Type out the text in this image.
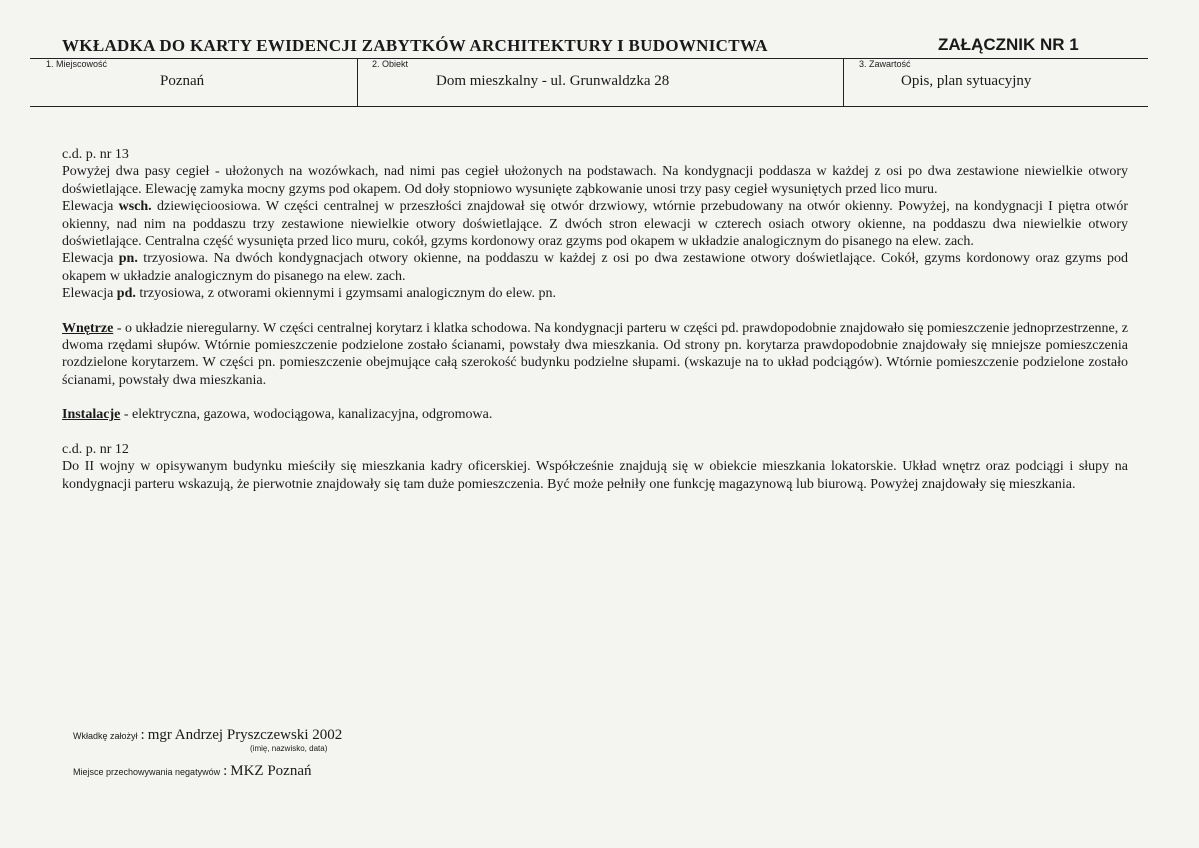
WKŁADKA DO KARTY EWIDENCJI ZABYTKÓW ARCHITEKTURY I BUDOWNICTWA	ZAŁĄCZNIK NR 1
1. Miejscowość
Poznań
2. Obiekt
Dom mieszkalny - ul. Grunwaldzka 28
3. Zawartość
Opis, plan sytuacyjny

c.d. p. nr 13

Powyżej dwa pasy cegieł - ułożonych na wozówkach, nad nimi pas cegieł ułożonych na podstawach. Na kondygnacji poddasza w każdej z osi po dwa zestawione niewielkie otwory doświetlające. Elewację zamyka mocny gzyms pod okapem. Od doły stopniowo wysunięte ząbkowanie unosi trzy pasy cegieł wysuniętych przed lico muru.

Elewacja wsch. dziewięcioosiowa. W części centralnej w przeszłości znajdował się otwór drzwiowy, wtórnie przebudowany na otwór okienny. Powyżej, na kondygnacji I piętra otwór okienny, nad nim na poddaszu trzy zestawione niewielkie otwory doświetlające. Z dwóch stron elewacji w czterech osiach otwory okienne, na poddaszu dwa niewielkie otwory doświetlające. Centralna część wysunięta przed lico muru, cokół, gzyms kordonowy oraz gzyms pod okapem w układzie analogicznym do pisanego na elew. zach.

Elewacja pn. trzyosiowa. Na dwóch kondygnacjach otwory okienne, na poddaszu w każdej z osi po dwa zestawione otwory doświetlające. Cokół, gzyms kordonowy oraz gzyms pod okapem w układzie analogicznym do pisanego na elew. zach.

Elewacja pd. trzyosiowa, z otworami okiennymi i gzymsami analogicznym do elew. pn.

Wnętrze - o układzie nieregularny. W części centralnej korytarz i klatka schodowa. Na kondygnacji parteru w części pd. prawdopodobnie znajdowało się pomieszczenie jednoprzestrzenne, z dwoma rzędami słupów. Wtórnie pomieszczenie podzielone zostało ścianami, powstały dwa mieszkania. Od strony pn. korytarza prawdopodobnie znajdowały się mniejsze pomieszczenia rozdzielone korytarzem. W części pn. pomieszczenie obejmujące całą szerokość budynku podzielne słupami. (wskazuje na to układ podciągów). Wtórnie pomieszczenie podzielone zostało ścianami, powstały dwa mieszkania.

Instalacje - elektryczna, gazowa, wodociągowa, kanalizacyjna, odgromowa.

c.d. p. nr 12

Do II wojny w opisywanym budynku mieściły się mieszkania kadry oficerskiej. Współcześnie znajdują się w obiekcie mieszkania lokatorskie. Układ wnętrz oraz podciągi i słupy na kondygnacji parteru wskazują, że pierwotnie znajdowały się tam duże pomieszczenia. Być może pełniły one funkcję magazynową lub biurową. Powyżej znajdowały się mieszkania.

Wkładkę założył : mgr Andrzej Pryszczewski 2002
(imię, nazwisko, data)
Miejsce przechowywania negatywów : MKZ Poznań
